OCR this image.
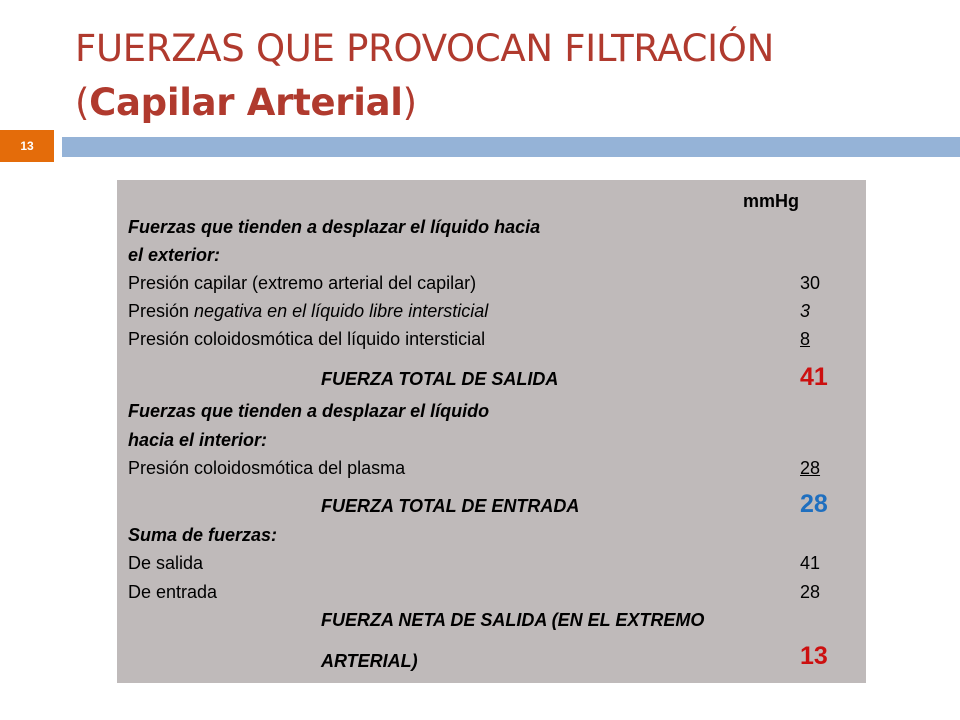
FUERZAS QUE PROVOCAN FILTRACIÓN
(Capilar Arterial)
13
mmHg
Fuerzas que tienden a desplazar el líquido hacia
el exterior:
Presión capilar (extremo arterial del capilar)	30
Presión negativa en el líquido libre intersticial	3
Presión coloidosmótica del líquido intersticial	8
FUERZA TOTAL DE SALIDA	41
Fuerzas que tienden a desplazar el líquido
hacia el interior:
Presión coloidosmótica del plasma	28
FUERZA TOTAL DE ENTRADA	28
Suma de fuerzas:
De salida	41
De entrada	28
FUERZA NETA DE SALIDA (EN EL EXTREMO
ARTERIAL)	13
